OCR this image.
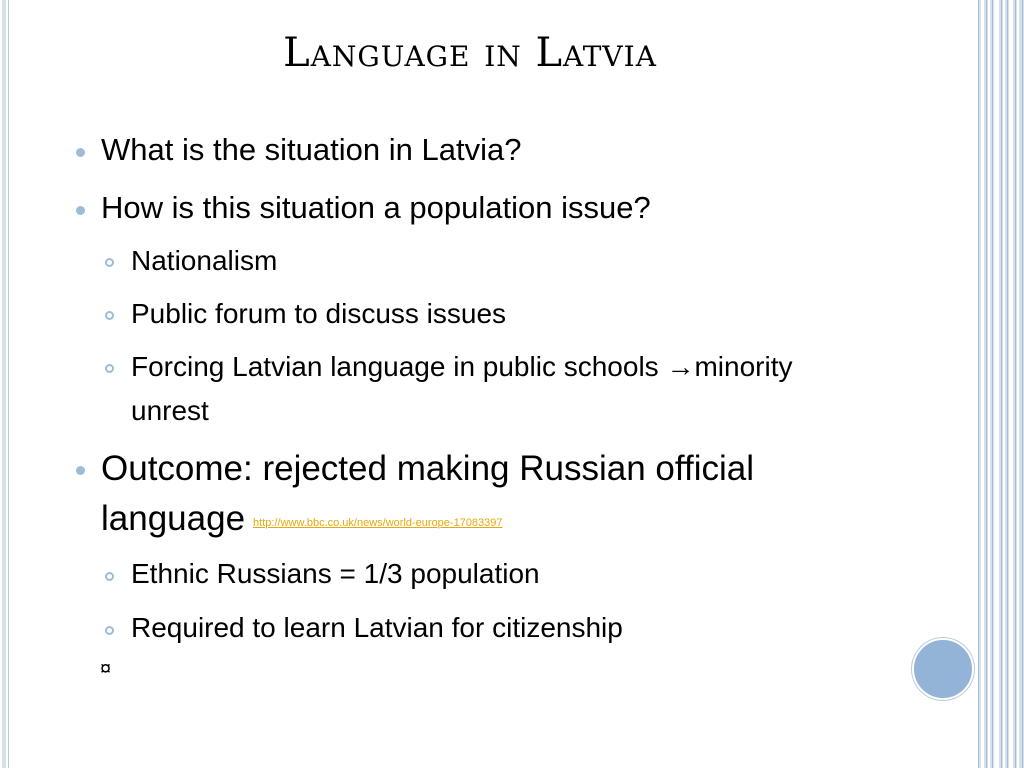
Language in Latvia
What is the situation in Latvia?
How is this situation a population issue?
Nationalism
Public forum to discuss issues
Forcing Latvian language in public schools →minority
unrest
Outcome: rejected making Russian official
language http://www.bbc.co.uk/news/world-europe-17083397
Ethnic Russians = 1/3 population
Required to learn Latvian for citizenship
¤
